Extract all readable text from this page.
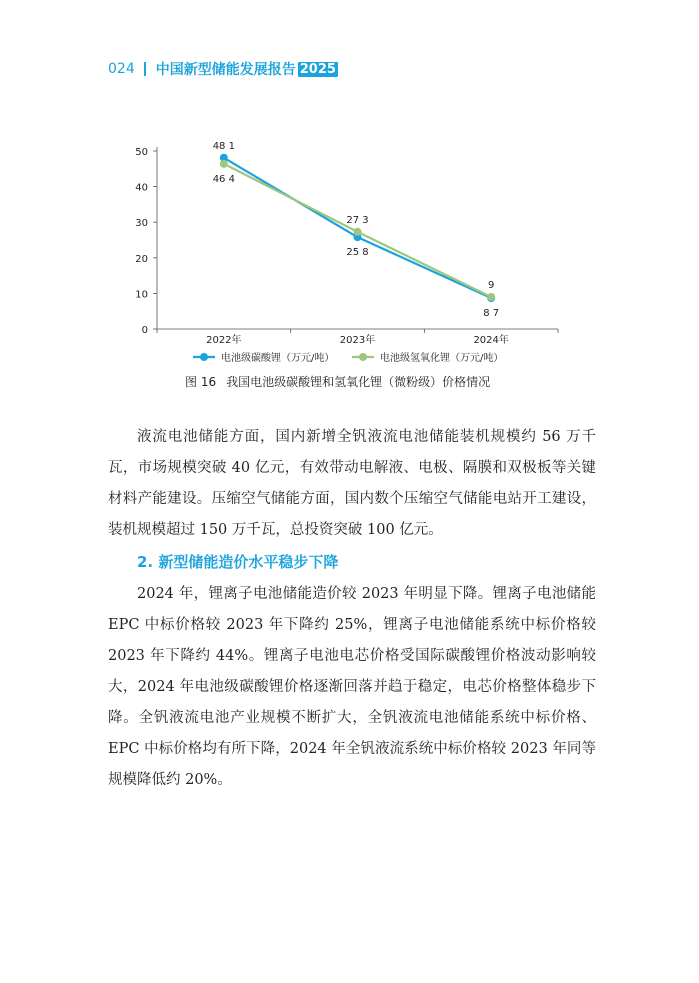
024 中国新型储能发展报告 2025
0
10
20
30
40
50
2022年	2023年	2024年
48 1
46 4
27 3
25 8
9
8 7
电池级碳酸锂（万元/吨）	电池级氢氧化锂（万元/吨）
图 16 我国电池级碳酸锂和氢氧化锂（微粉级）价格情况

液流电池储能方面，国内新增全钒液流电池储能装机规模约 56 万千瓦，市场规模突破 40 亿元，有效带动电解液、电极、隔膜和双极板等关键材料产能建设。压缩空气储能方面，国内数个压缩空气储能电站开工建设，装机规模超过 150 万千瓦，总投资突破 100 亿元。

2. 新型储能造价水平稳步下降

2024 年，锂离子电池储能造价较 2023 年明显下降。锂离子电池储能 EPC 中标价格较 2023 年下降约 25%，锂离子电池储能系统中标价格较 2023 年下降约 44%。锂离子电池电芯价格受国际碳酸锂价格波动影响较大，2024 年电池级碳酸锂价格逐渐回落并趋于稳定，电芯价格整体稳步下降。全钒液流电池产业规模不断扩大，全钒液流电池储能系统中标价格、EPC 中标价格均有所下降，2024 年全钒液流系统中标价格较 2023 年同等规模降低约 20%。
